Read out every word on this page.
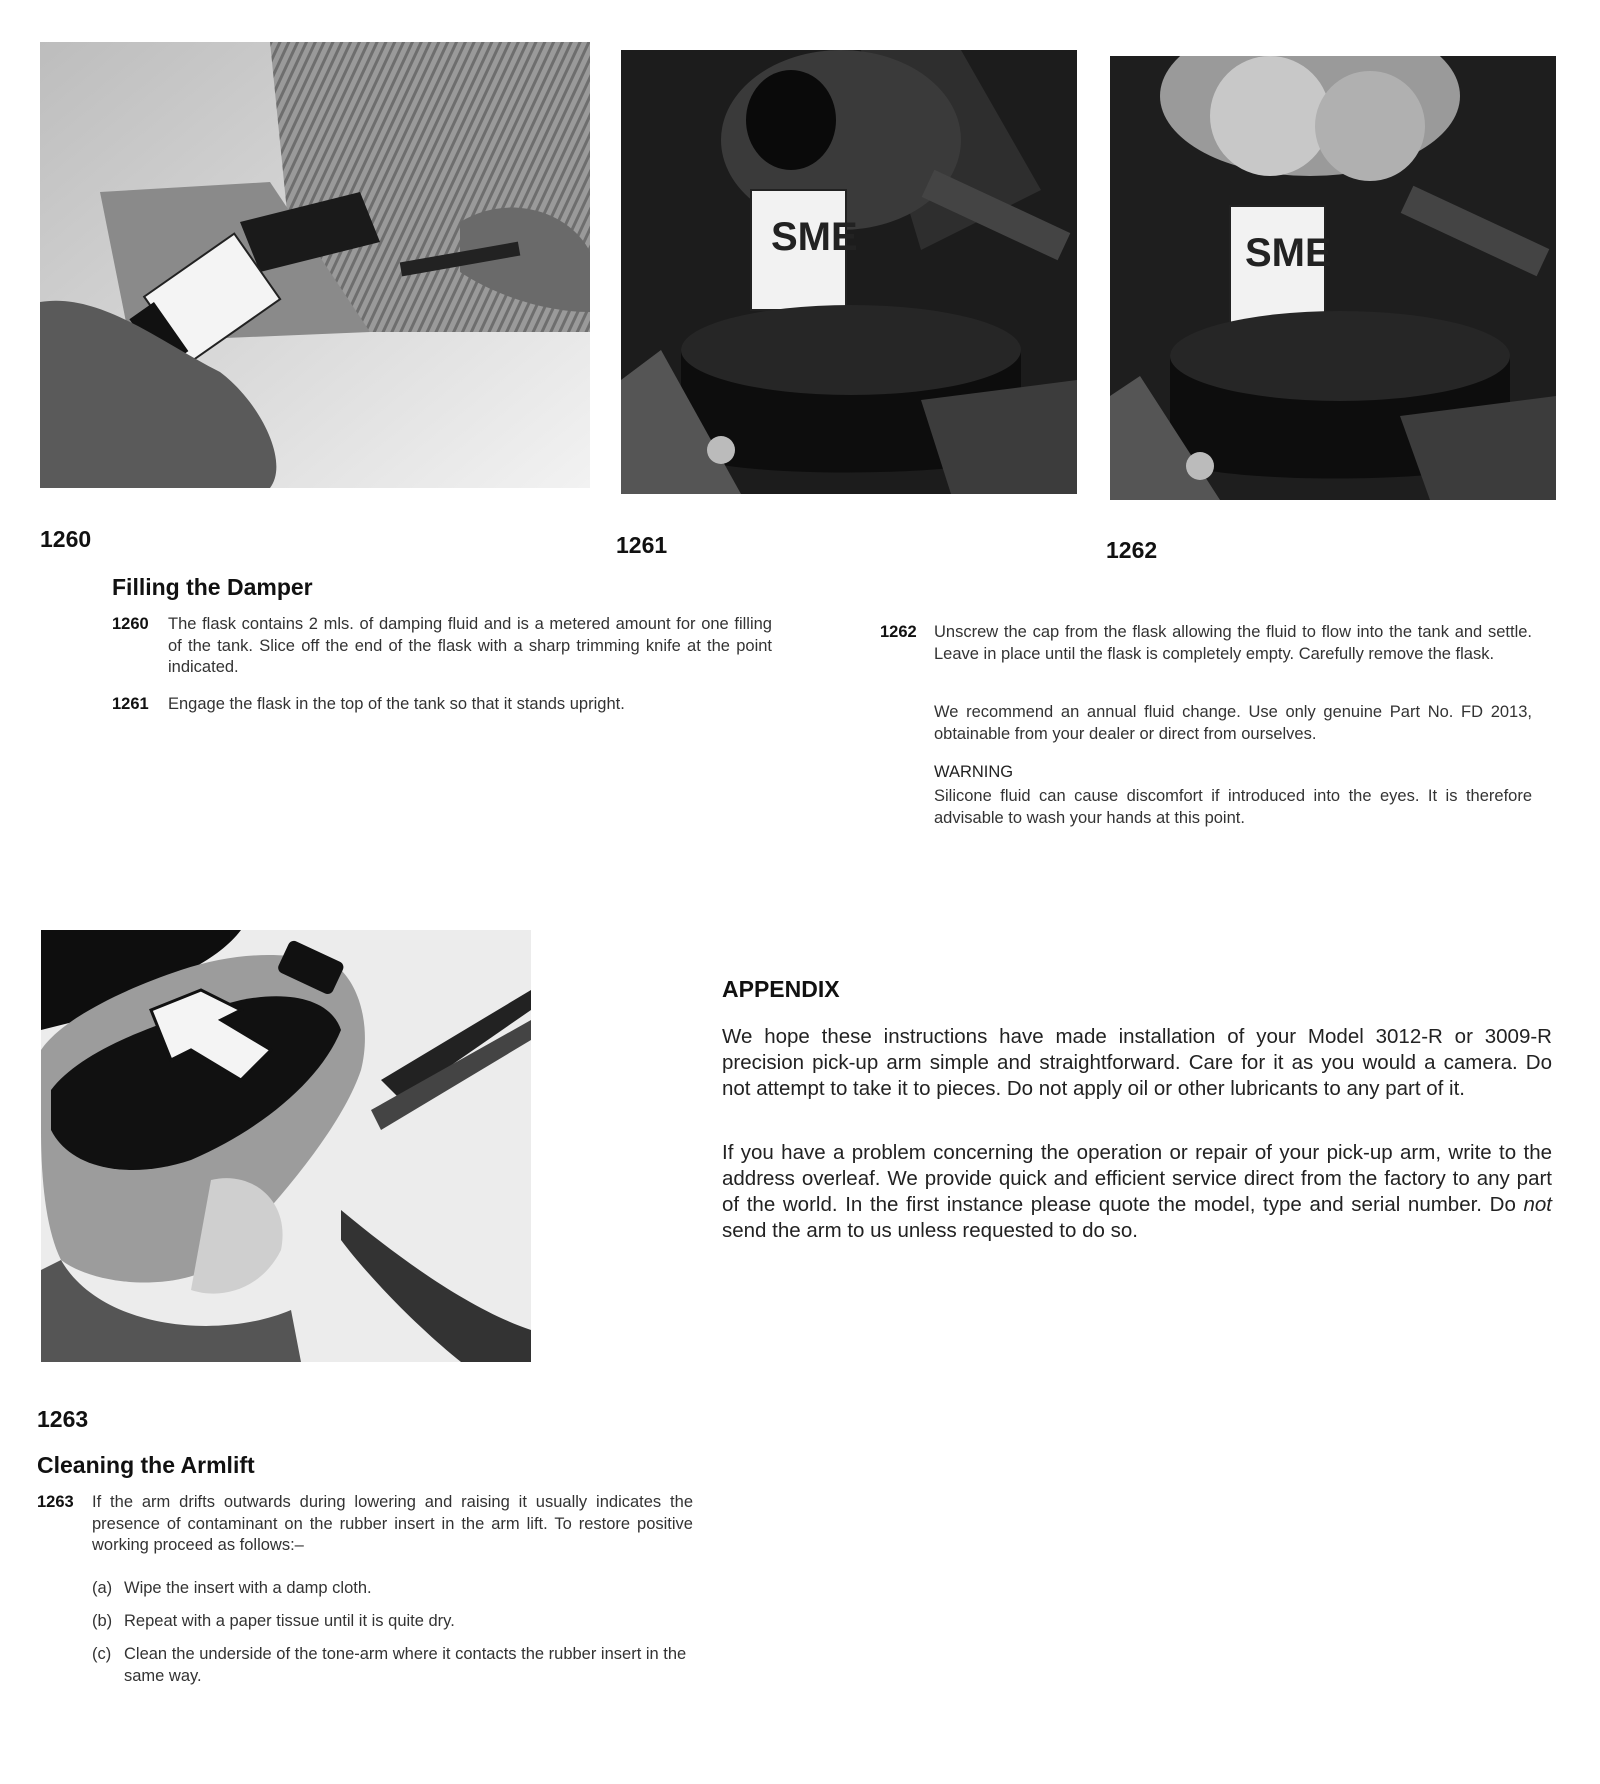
SME	SME
1260	1261	1262
1263
Filling the Damper
1260	The flask contains 2 mls. of damping fluid and is a metered amount for one filling of the tank. Slice off the end of the flask with a sharp trimming knife at the point indicated.
1261	Engage the flask in the top of the tank so that it stands upright.
1262	Unscrew the cap from the flask allowing the fluid to flow into the tank and settle. Leave in place until the flask is completely empty. Carefully remove the flask.
We recommend an annual fluid change. Use only genuine Part No. FD 2013, obtainable from your dealer or direct from ourselves.
WARNING
Silicone fluid can cause discomfort if introduced into the eyes. It is therefore advisable to wash your hands at this point.
APPENDIX
We hope these instructions have made installation of your Model 3012-R or 3009-R precision pick-up arm simple and straightforward. Care for it as you would a camera. Do not attempt to take it to pieces. Do not apply oil or other lubricants to any part of it.
If you have a problem concerning the operation or repair of your pick-up arm, write to the address overleaf. We provide quick and efficient service direct from the factory to any part of the world. In the first instance please quote the model, type and serial number. Do not send the arm to us unless requested to do so.
Cleaning the Armlift
1263	If the arm drifts outwards during lowering and raising it usually indicates the presence of contaminant on the rubber insert in the arm lift. To restore positive working proceed as follows:–
(a) Wipe the insert with a damp cloth.
(b) Repeat with a paper tissue until it is quite dry.
(c) Clean the underside of the tone-arm where it contacts the rubber insert in the same way.
